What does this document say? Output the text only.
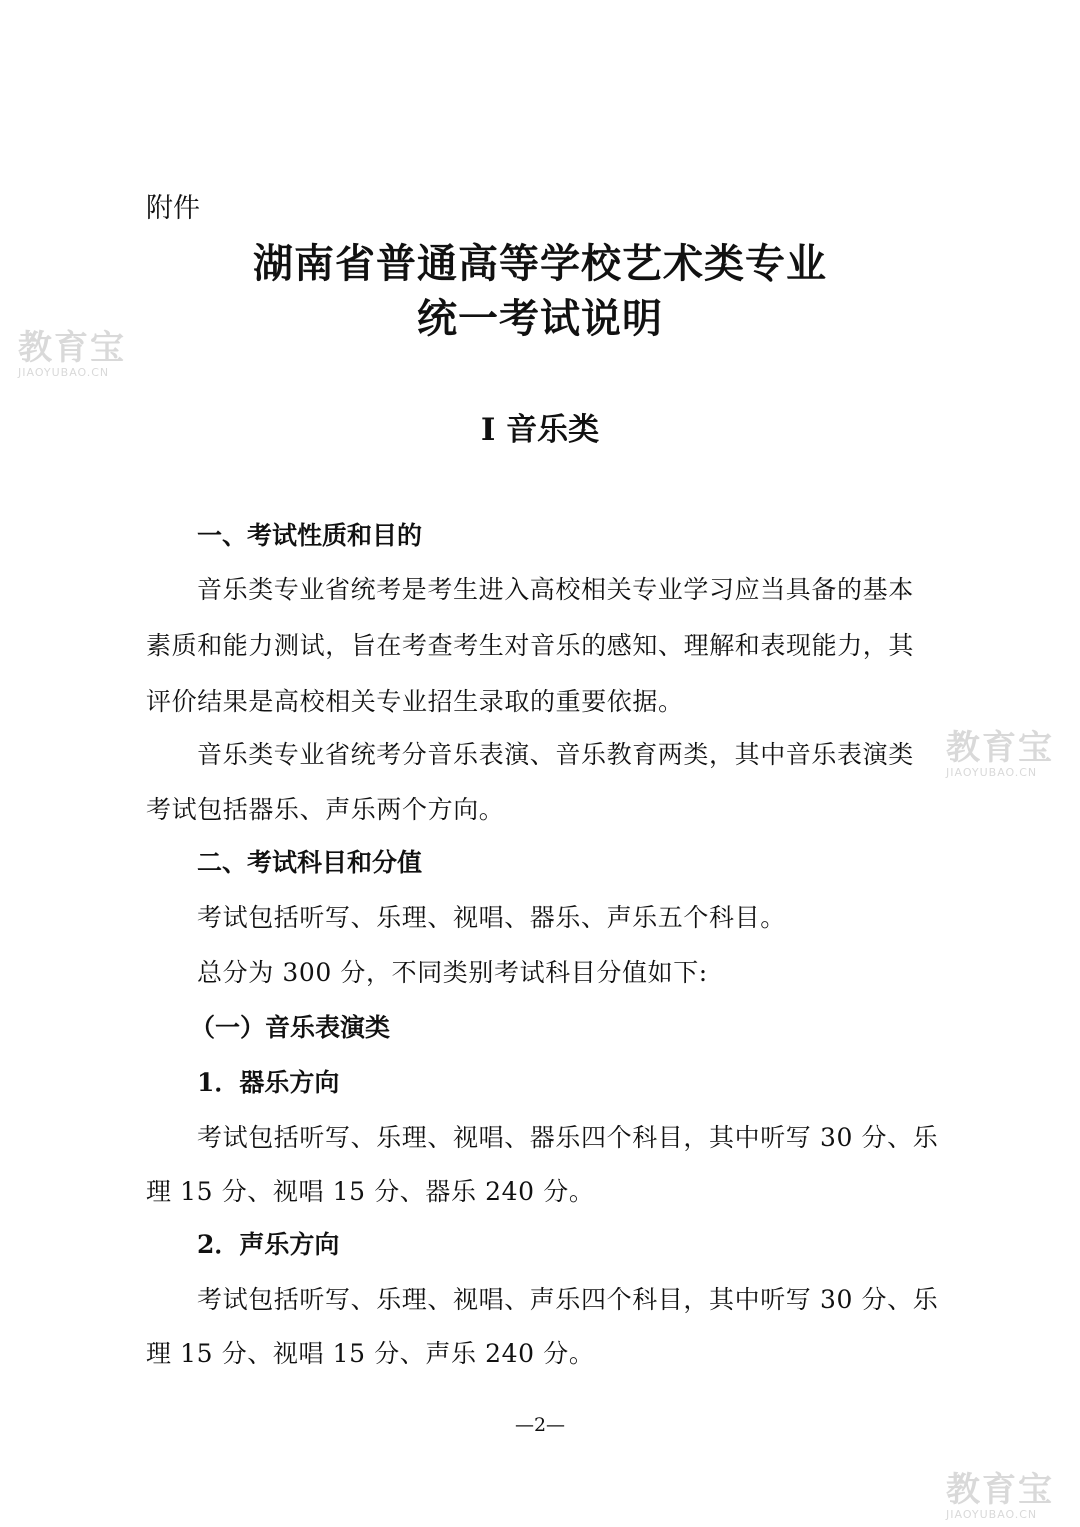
附件
湖南省普通高等学校艺术类专业
统一考试说明
Ⅰ 音乐类
一、考试性质和目的
音乐类专业省统考是考生进入高校相关专业学习应当具备的基本
素质和能力测试，旨在考查考生对音乐的感知、理解和表现能力，其
评价结果是高校相关专业招生录取的重要依据。
音乐类专业省统考分音乐表演、音乐教育两类，其中音乐表演类
考试包括器乐、声乐两个方向。
二、考试科目和分值
考试包括听写、乐理、视唱、器乐、声乐五个科目。
总分为 300 分，不同类别考试科目分值如下:
（一）音乐表演类
1．器乐方向
考试包括听写、乐理、视唱、器乐四个科目，其中听写 30 分、乐
理 15 分、视唱 15 分、器乐 240 分。
2．声乐方向
考试包括听写、乐理、视唱、声乐四个科目，其中听写 30 分、乐
理 15 分、视唱 15 分、声乐 240 分。
—2—
教育宝
JIAOYUBAO.CN
教育宝
JIAOYUBAO.CN
教育宝
JIAOYUBAO.CN
